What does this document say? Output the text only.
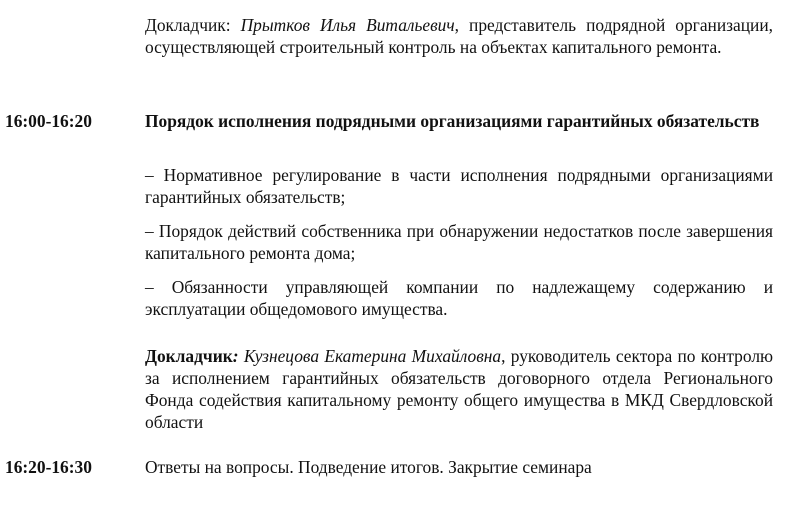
Докладчик: Прытков Илья Витальевич, представитель подрядной организации, осуществляющей строительный контроль на объектах капитального ремонта.

16:00-16:20	Порядок исполнения подрядными организациями гарантийных обязательств

– Нормативное регулирование в части исполнения подрядными организациями гарантийных обязательств;

– Порядок действий собственника при обнаружении недостатков после завершения капитального ремонта дома;

– Обязанности управляющей компании по надлежащему содержанию и эксплуатации общедомового имущества.

Докладчик: Кузнецова Екатерина Михайловна, руководитель сектора по контролю за исполнением гарантийных обязательств договорного отдела Регионального Фонда содействия капитальному ремонту общего имущества в МКД Свердловской области

16:20-16:30	Ответы на вопросы. Подведение итогов. Закрытие семинара
